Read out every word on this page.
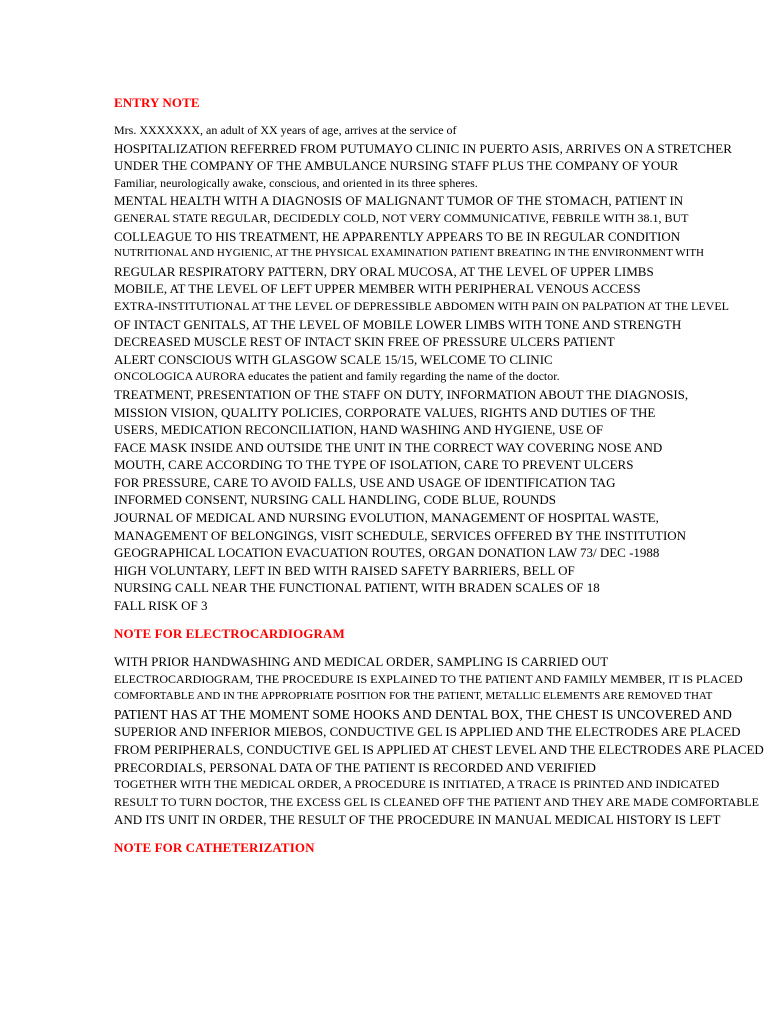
ENTRY NOTE
Mrs. XXXXXXX, an adult of XX years of age, arrives at the service of
HOSPITALIZATION REFERRED FROM PUTUMAYO CLINIC IN PUERTO ASIS, ARRIVES ON A STRETCHER
UNDER THE COMPANY OF THE AMBULANCE NURSING STAFF PLUS THE COMPANY OF YOUR
Familiar, neurologically awake, conscious, and oriented in its three spheres.
MENTAL HEALTH WITH A DIAGNOSIS OF MALIGNANT TUMOR OF THE STOMACH, PATIENT IN
GENERAL STATE REGULAR, DECIDEDLY COLD, NOT VERY COMMUNICATIVE, FEBRILE WITH 38.1, BUT
COLLEAGUE TO HIS TREATMENT, HE APPARENTLY APPEARS TO BE IN REGULAR CONDITION
NUTRITIONAL AND HYGIENIC, AT THE PHYSICAL EXAMINATION PATIENT BREATING IN THE ENVIRONMENT WITH
REGULAR RESPIRATORY PATTERN, DRY ORAL MUCOSA, AT THE LEVEL OF UPPER LIMBS
MOBILE, AT THE LEVEL OF LEFT UPPER MEMBER WITH PERIPHERAL VENOUS ACCESS
EXTRA-INSTITUTIONAL AT THE LEVEL OF DEPRESSIBLE ABDOMEN WITH PAIN ON PALPATION AT THE LEVEL
OF INTACT GENITALS, AT THE LEVEL OF MOBILE LOWER LIMBS WITH TONE AND STRENGTH
DECREASED MUSCLE REST OF INTACT SKIN FREE OF PRESSURE ULCERS PATIENT
ALERT CONSCIOUS WITH GLASGOW SCALE 15/15, WELCOME TO CLINIC
ONCOLOGICA AURORA educates the patient and family regarding the name of the doctor.
TREATMENT, PRESENTATION OF THE STAFF ON DUTY, INFORMATION ABOUT THE DIAGNOSIS,
MISSION VISION, QUALITY POLICIES, CORPORATE VALUES, RIGHTS AND DUTIES OF THE
USERS, MEDICATION RECONCILIATION, HAND WASHING AND HYGIENE, USE OF
FACE MASK INSIDE AND OUTSIDE THE UNIT IN THE CORRECT WAY COVERING NOSE AND
MOUTH, CARE ACCORDING TO THE TYPE OF ISOLATION, CARE TO PREVENT ULCERS
FOR PRESSURE, CARE TO AVOID FALLS, USE AND USAGE OF IDENTIFICATION TAG
INFORMED CONSENT, NURSING CALL HANDLING, CODE BLUE, ROUNDS
JOURNAL OF MEDICAL AND NURSING EVOLUTION, MANAGEMENT OF HOSPITAL WASTE,
MANAGEMENT OF BELONGINGS, VISIT SCHEDULE, SERVICES OFFERED BY THE INSTITUTION
GEOGRAPHICAL LOCATION EVACUATION ROUTES, ORGAN DONATION LAW 73/ DEC -1988
HIGH VOLUNTARY, LEFT IN BED WITH RAISED SAFETY BARRIERS, BELL OF
NURSING CALL NEAR THE FUNCTIONAL PATIENT, WITH BRADEN SCALES OF 18
FALL RISK OF 3
NOTE FOR ELECTROCARDIOGRAM
WITH PRIOR HANDWASHING AND MEDICAL ORDER, SAMPLING IS CARRIED OUT
ELECTROCARDIOGRAM, THE PROCEDURE IS EXPLAINED TO THE PATIENT AND FAMILY MEMBER, IT IS PLACED
COMFORTABLE AND IN THE APPROPRIATE POSITION FOR THE PATIENT, METALLIC ELEMENTS ARE REMOVED THAT
PATIENT HAS AT THE MOMENT SOME HOOKS AND DENTAL BOX, THE CHEST IS UNCOVERED AND
SUPERIOR AND INFERIOR MIEBOS, CONDUCTIVE GEL IS APPLIED AND THE ELECTRODES ARE PLACED
FROM PERIPHERALS, CONDUCTIVE GEL IS APPLIED AT CHEST LEVEL AND THE ELECTRODES ARE PLACED
PRECORDIALS, PERSONAL DATA OF THE PATIENT IS RECORDED AND VERIFIED
TOGETHER WITH THE MEDICAL ORDER, A PROCEDURE IS INITIATED, A TRACE IS PRINTED AND INDICATED
RESULT TO TURN DOCTOR, THE EXCESS GEL IS CLEANED OFF THE PATIENT AND THEY ARE MADE COMFORTABLE
AND ITS UNIT IN ORDER, THE RESULT OF THE PROCEDURE IN MANUAL MEDICAL HISTORY IS LEFT
NOTE FOR CATHETERIZATION
